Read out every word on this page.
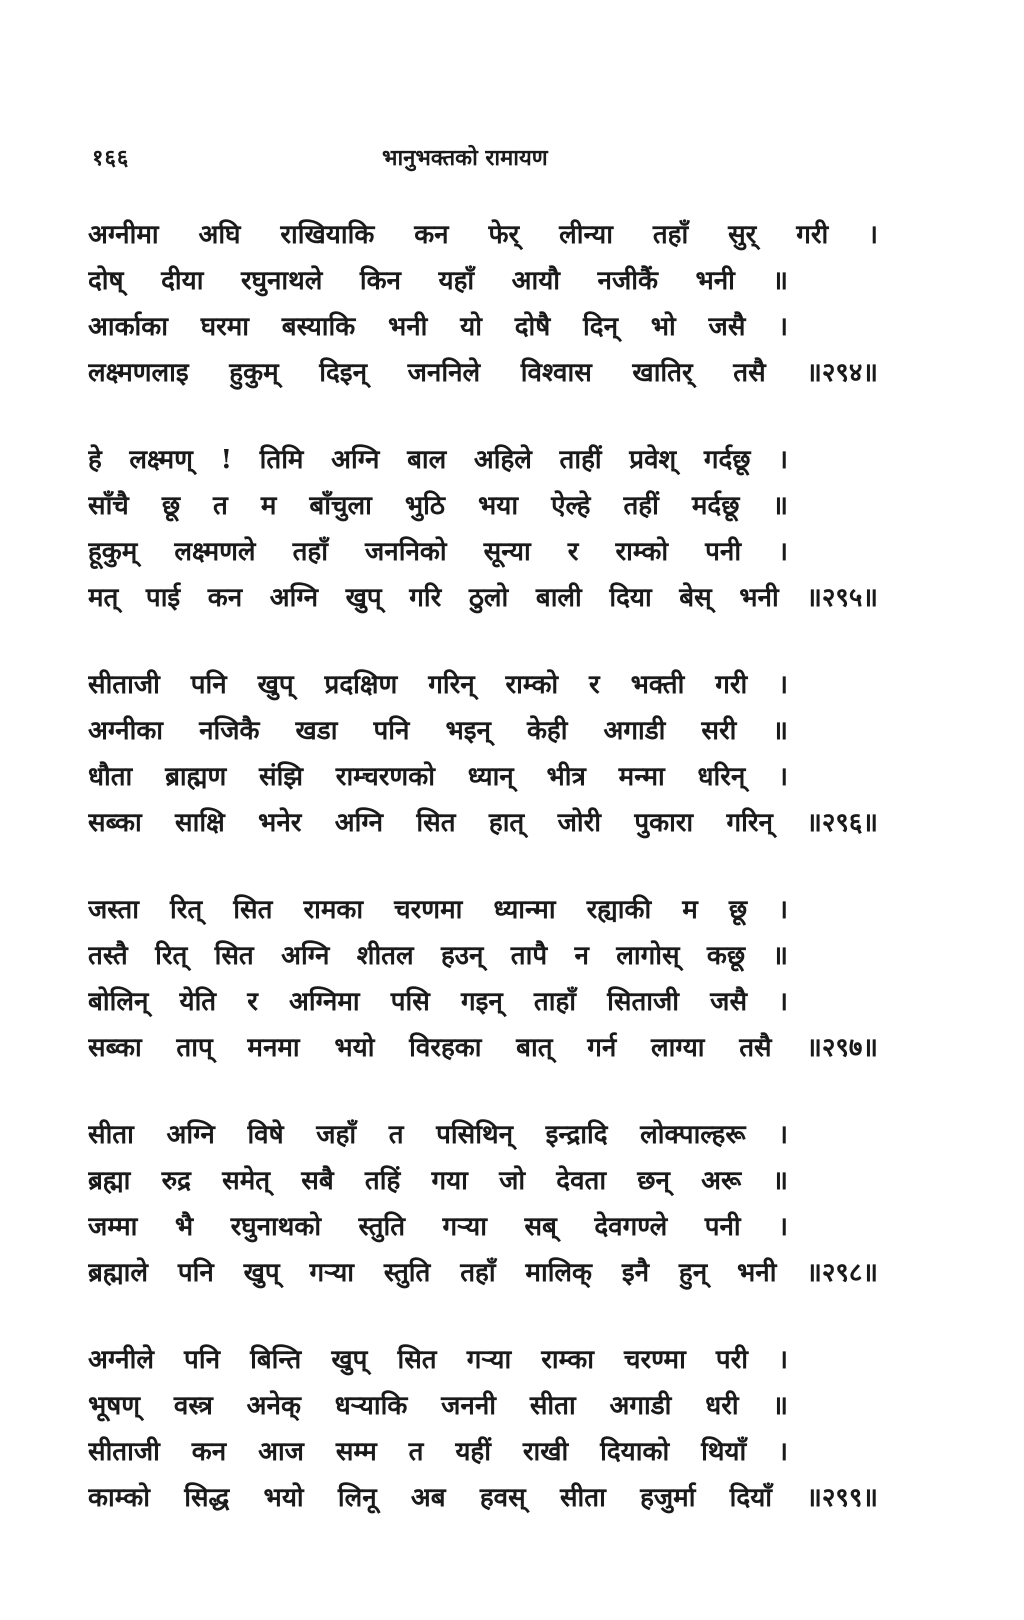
१६६	भानुभक्तको रामायण
अग्नीमा अघि राखियाकि कन फेर् लीन्या तहाँ सुर् गरी ।
दोष् दीया रघुनाथले किन यहाँ आयौ नजीकैं भनी ॥
आर्काका घरमा बस्याकि भनी यो दोषै दिन् भो जसै ।
लक्ष्मणलाइ हुकुम् दिइन् जननिले विश्वास खातिर् तसै ॥२९४॥
हे लक्ष्मण् ! तिमि अग्नि बाल अहिले ताहीं प्रवेश् गर्दछू ।
साँचै छू त म बाँचुला भुठि भया ऐल्हे तहीं मर्दछू ॥
हूकुम् लक्ष्मणले तहाँ जननिको सून्या र राम्को पनी ।
मत् पाई कन अग्नि खुप् गरि ठुलो बाली दिया बेस् भनी ॥२९५॥
सीताजी पनि खुप् प्रदक्षिण गरिन् राम्को र भक्ती गरी ।
अग्नीका नजिकै खडा पनि भइन् केही अगाडी सरी ॥
धौता ब्राह्मण संझि राम्चरणको ध्यान् भीत्र मन्मा धरिन् ।
सब्का साक्षि भनेर अग्नि सित हात् जोरी पुकारा गरिन् ॥२९६॥
जस्ता रित् सित रामका चरणमा ध्यान्मा रह्याकी म छू ।
तस्तै रित् सित अग्नि शीतल हउन् तापै न लागोस् कछू ॥
बोलिन् येति र अग्निमा पसि गइन् ताहाँ सिताजी जसै ।
सब्का ताप् मनमा भयो विरहका बात् गर्न लाग्या तसै ॥२९७॥
सीता अग्नि विषे जहाँ त पसिथिन् इन्द्रादि लोक्पाल्हरू ।
ब्रह्मा रुद्र समेत् सबै तहिं गया जो देवता छन् अरू ॥
जम्मा भै रघुनाथको स्तुति गऱ्या सब् देवगण्ले पनी ।
ब्रह्माले पनि खुप् गऱ्या स्तुति तहाँ मालिक् इनै हुन् भनी ॥२९८॥
अग्नीले पनि बिन्ति खुप् सित गऱ्या राम्का चरण्मा परी ।
भूषण् वस्त्र अनेक् धऱ्याकि जननी सीता अगाडी धरी ॥
सीताजी कन आज सम्म त यहीं राखी दियाको थियाँ ।
काम्को सिद्ध भयो लिनू अब हवस् सीता हजुर्मा दियाँ ॥२९९॥
